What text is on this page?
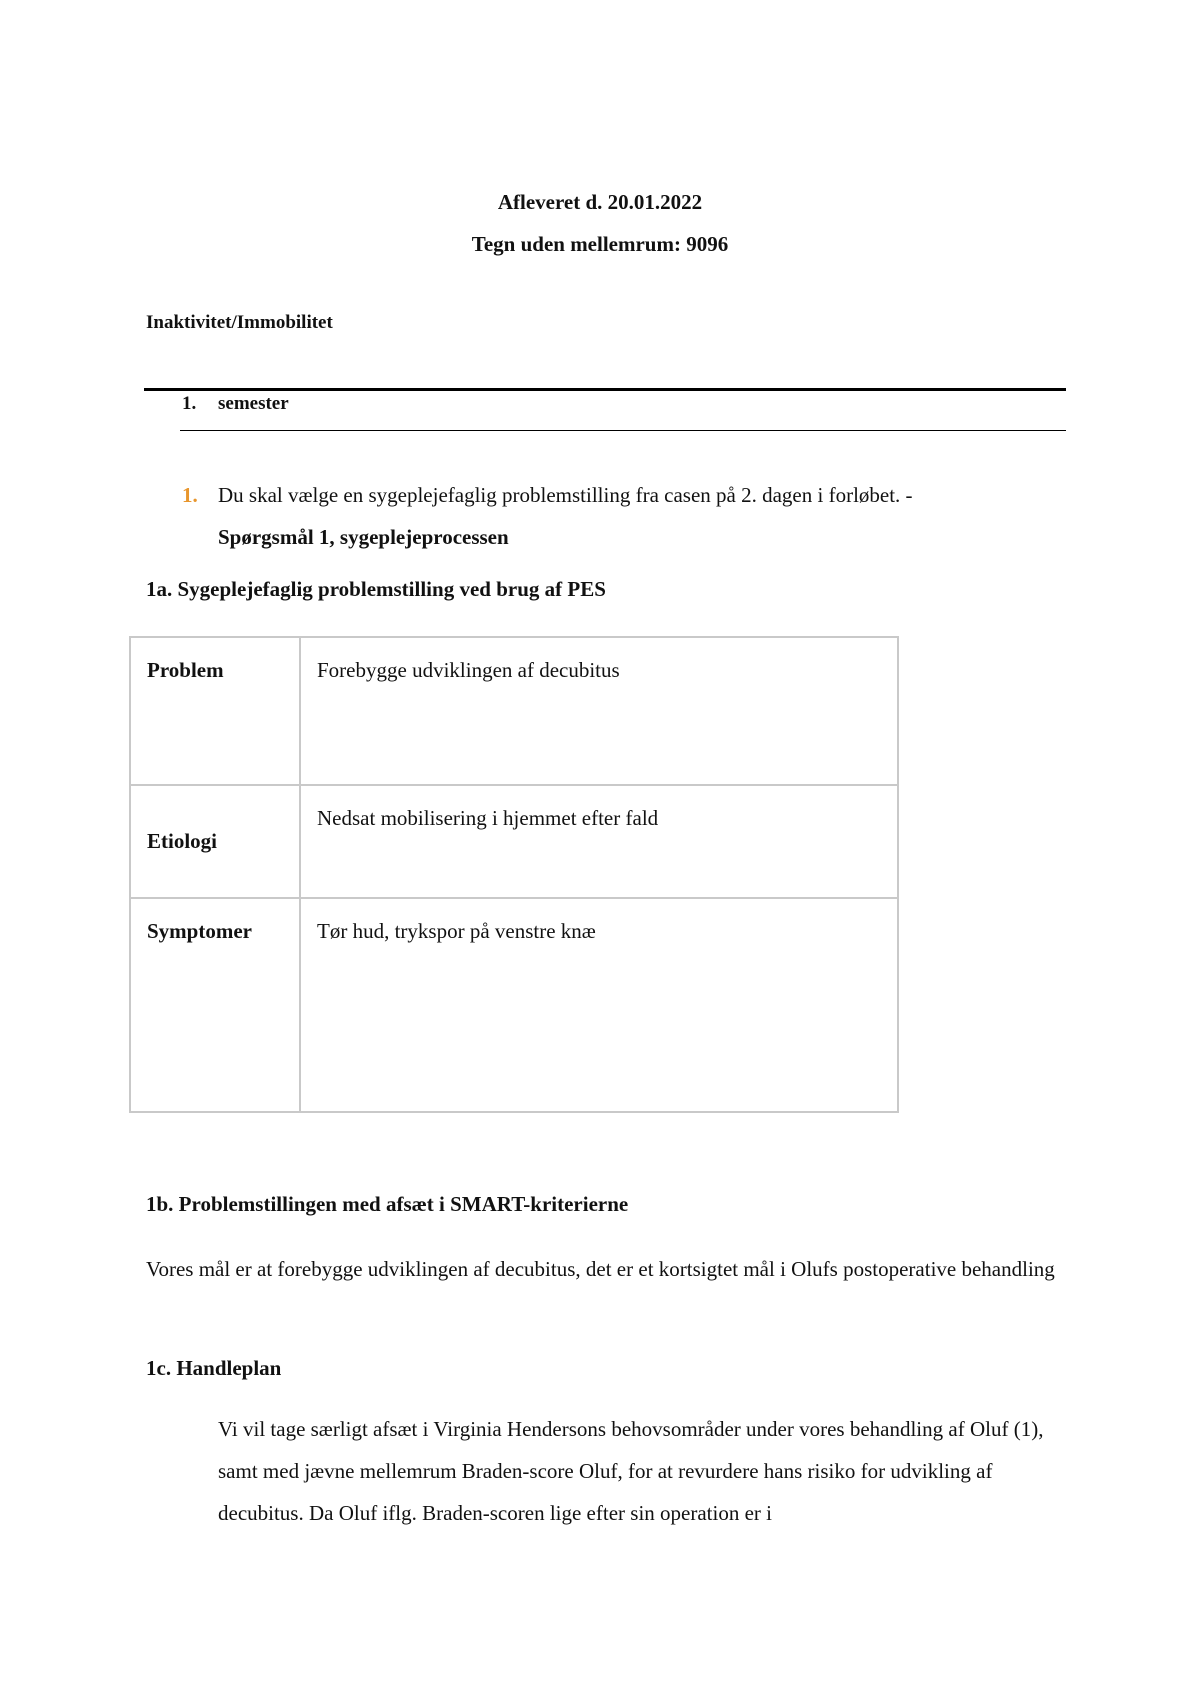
Afleveret d. 20.01.2022
Tegn uden mellemrum: 9096
Inaktivitet/Immobilitet
1. semester
1. Du skal vælge en sygeplejefaglig problemstilling fra casen på 2. dagen i forløbet. -
Spørgsmål 1, sygeplejeprocessen
1a. Sygeplejefaglig problemstilling ved brug af PES
Problem	Forebygge udviklingen af decubitus
Etiologi	Nedsat mobilisering i hjemmet efter fald
Symptomer	Tør hud, trykspor på venstre knæ
1b. Problemstillingen med afsæt i SMART-kriterierne
Vores mål er at forebygge udviklingen af decubitus, det er et kortsigtet mål i Olufs postoperative behandling
1c. Handleplan
Vi vil tage særligt afsæt i Virginia Hendersons behovsområder under vores behandling af Oluf (1), samt med jævne mellemrum Braden-score Oluf, for at revurdere hans risiko for udvikling af decubitus. Da Oluf iflg. Braden-scoren lige efter sin operation er i
